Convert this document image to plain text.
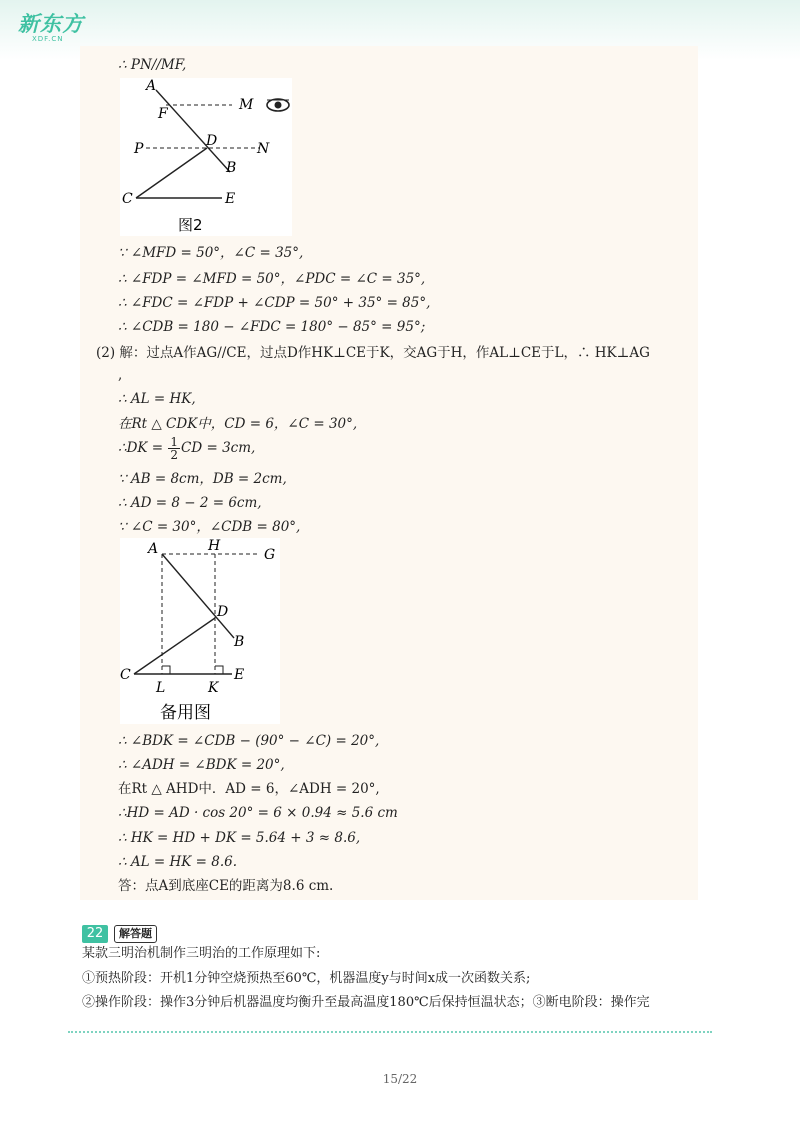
新东方
XDF.CN
∴ PN//MF,
A
F
M
D
P	N
B
C	E
图2
∵ ∠MFD = 50°，∠C = 35°,
∴ ∠FDP = ∠MFD = 50°，∠PDC = ∠C = 35°,
∴ ∠FDC = ∠FDP + ∠CDP = 50° + 35° = 85°,
∴ ∠CDB = 180 − ∠FDC = 180° − 85° = 95°;
(2) 解：过点A作AG//CE，过点D作HK⊥CE于K，交AG于H，作AL⊥CE于L，∴ HK⊥AG
,
∴ AL = HK,
在Rt △ CDK中，CD = 6，∠C = 30°,
∴DK = $\frac{1}{2}$ CD = 3cm,
∵ AB = 8cm，DB = 2cm,
∴ AD = 8 − 2 = 6cm,
∵ ∠C = 30°，∠CDB = 80°,
A	H
G
D
B
C
L	K
E
备用图
∴ ∠BDK = ∠CDB − (90° − ∠C) = 20°,
∴ ∠ADH = ∠BDK = 20°,
在Rt △ AHD中．AD = 6，∠ADH = 20°,
∴HD = AD · cos 20° = 6 × 0.94 ≈ 5.6 cm
∴ HK = HD + DK = 5.64 + 3 ≈ 8.6,
∴ AL = HK = 8.6.
答：点A到底座CE的距离为8.6 cm.
22	解答题
某款三明治机制作三明治的工作原理如下:
①预热阶段：开机1分钟空烧预热至60℃，机器温度y与时间x成一次函数关系;
②操作阶段：操作3分钟后机器温度均衡升至最高温度180℃后保持恒温状态；③断电阶段：操作完
15/22
